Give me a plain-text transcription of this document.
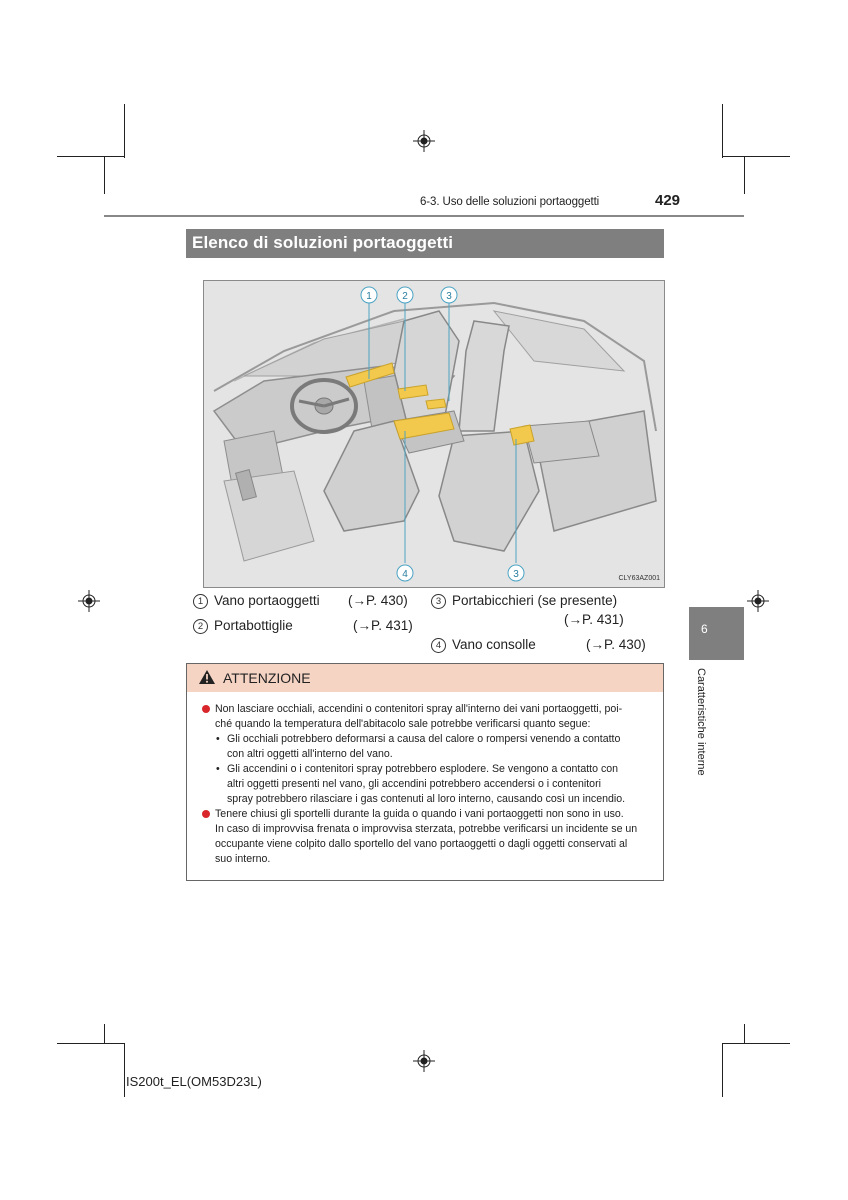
6-3. Uso delle soluzioni portaoggetti	429
Elenco di soluzioni portaoggetti
1	2	3
4	3	CLY63AZ001
1 Vano portaoggetti (→P. 430)
2 Portabottiglie	(→P. 431)
3 Portabicchieri (se presente)
(→P. 431)
4 Vano consolle	(→P. 430)
6
Caratteristiche interne
ATTENZIONE
Non lasciare occhiali, accendini o contenitori spray all'interno dei vani portaoggetti, poi-
ché quando la temperatura dell'abitacolo sale potrebbe verificarsi quanto segue:
• Gli occhiali potrebbero deformarsi a causa del calore o rompersi venendo a contatto
con altri oggetti all'interno del vano.
• Gli accendini o i contenitori spray potrebbero esplodere. Se vengono a contatto con
altri oggetti presenti nel vano, gli accendini potrebbero accendersi o i contenitori
spray potrebbero rilasciare i gas contenuti al loro interno, causando così un incendio.
Tenere chiusi gli sportelli durante la guida o quando i vani portaoggetti non sono in uso.
In caso di improvvisa frenata o improvvisa sterzata, potrebbe verificarsi un incidente se un
occupante viene colpito dallo sportello del vano portaoggetti o dagli oggetti conservati al
suo interno.
IS200t_EL(OM53D23L)
